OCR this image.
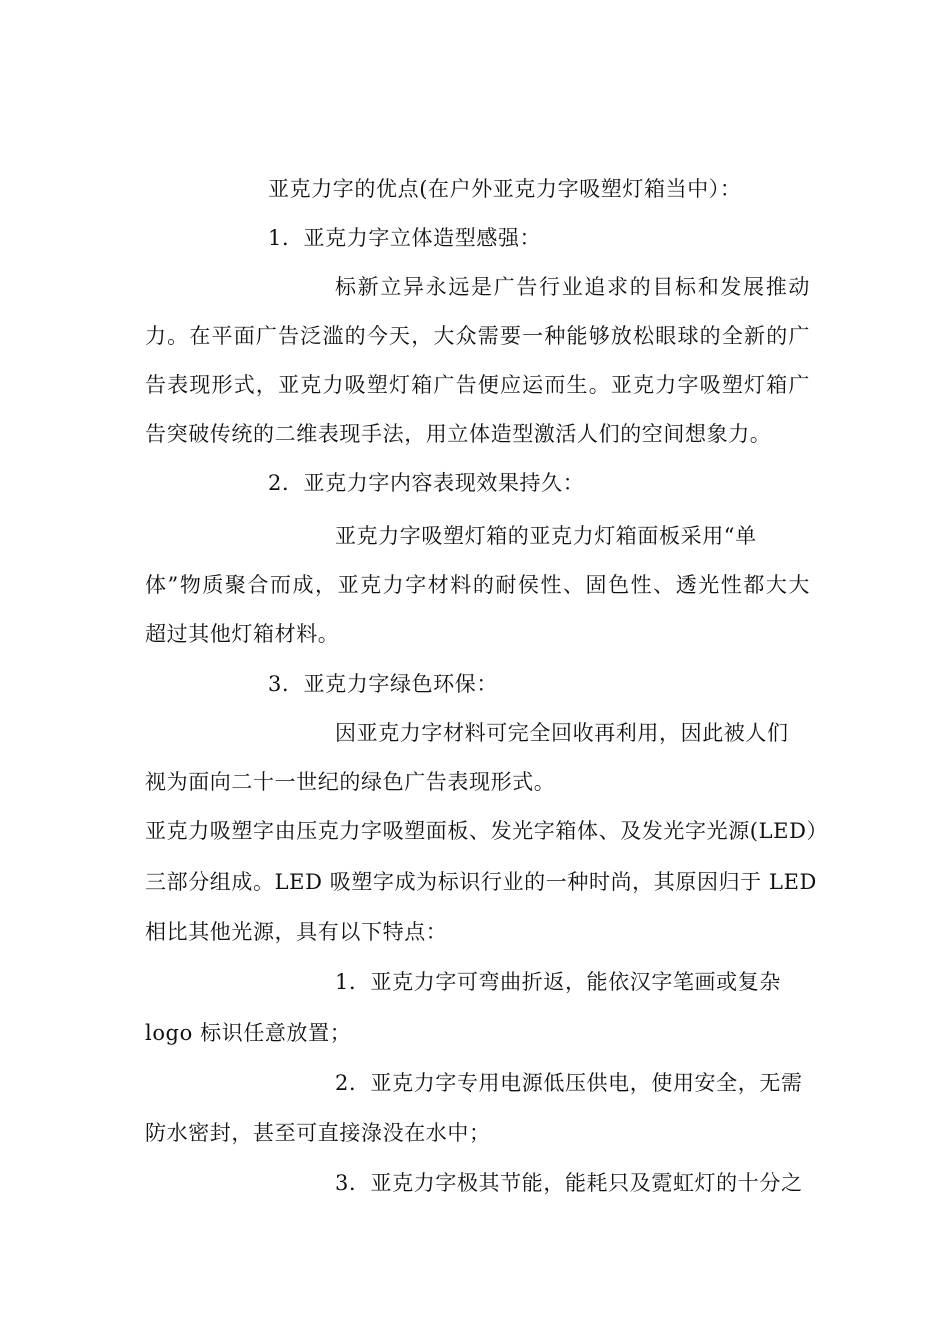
亚克力字的优点(在户外亚克力字吸塑灯箱当中）：
1．亚克力字立体造型感强：
标新立异永远是广告行业追求的目标和发展推动
力。在平面广告泛滥的今天，大众需要一种能够放松眼球的全新的广
告表现形式，亚克力吸塑灯箱广告便应运而生。亚克力字吸塑灯箱广
告突破传统的二维表现手法，用立体造型激活人们的空间想象力。
2．亚克力字内容表现效果持久：
亚克力字吸塑灯箱的亚克力灯箱面板采用“单
体”物质聚合而成，亚克力字材料的耐侯性、固色性、透光性都大大
超过其他灯箱材料。
3．亚克力字绿色环保：
因亚克力字材料可完全回收再利用，因此被人们
视为面向二十一世纪的绿色广告表现形式。
亚克力吸塑字由压克力字吸塑面板、发光字箱体、及发光字光源(LED）
三部分组成。LED 吸塑字成为标识行业的一种时尚，其原因归于 LED
相比其他光源，具有以下特点：
1．亚克力字可弯曲折返，能依汉字笔画或复杂
logo 标识任意放置；
2．亚克力字专用电源低压供电，使用安全，无需
防水密封，甚至可直接淥没在水中；
3．亚克力字极其节能，能耗只及霓虹灯的十分之
